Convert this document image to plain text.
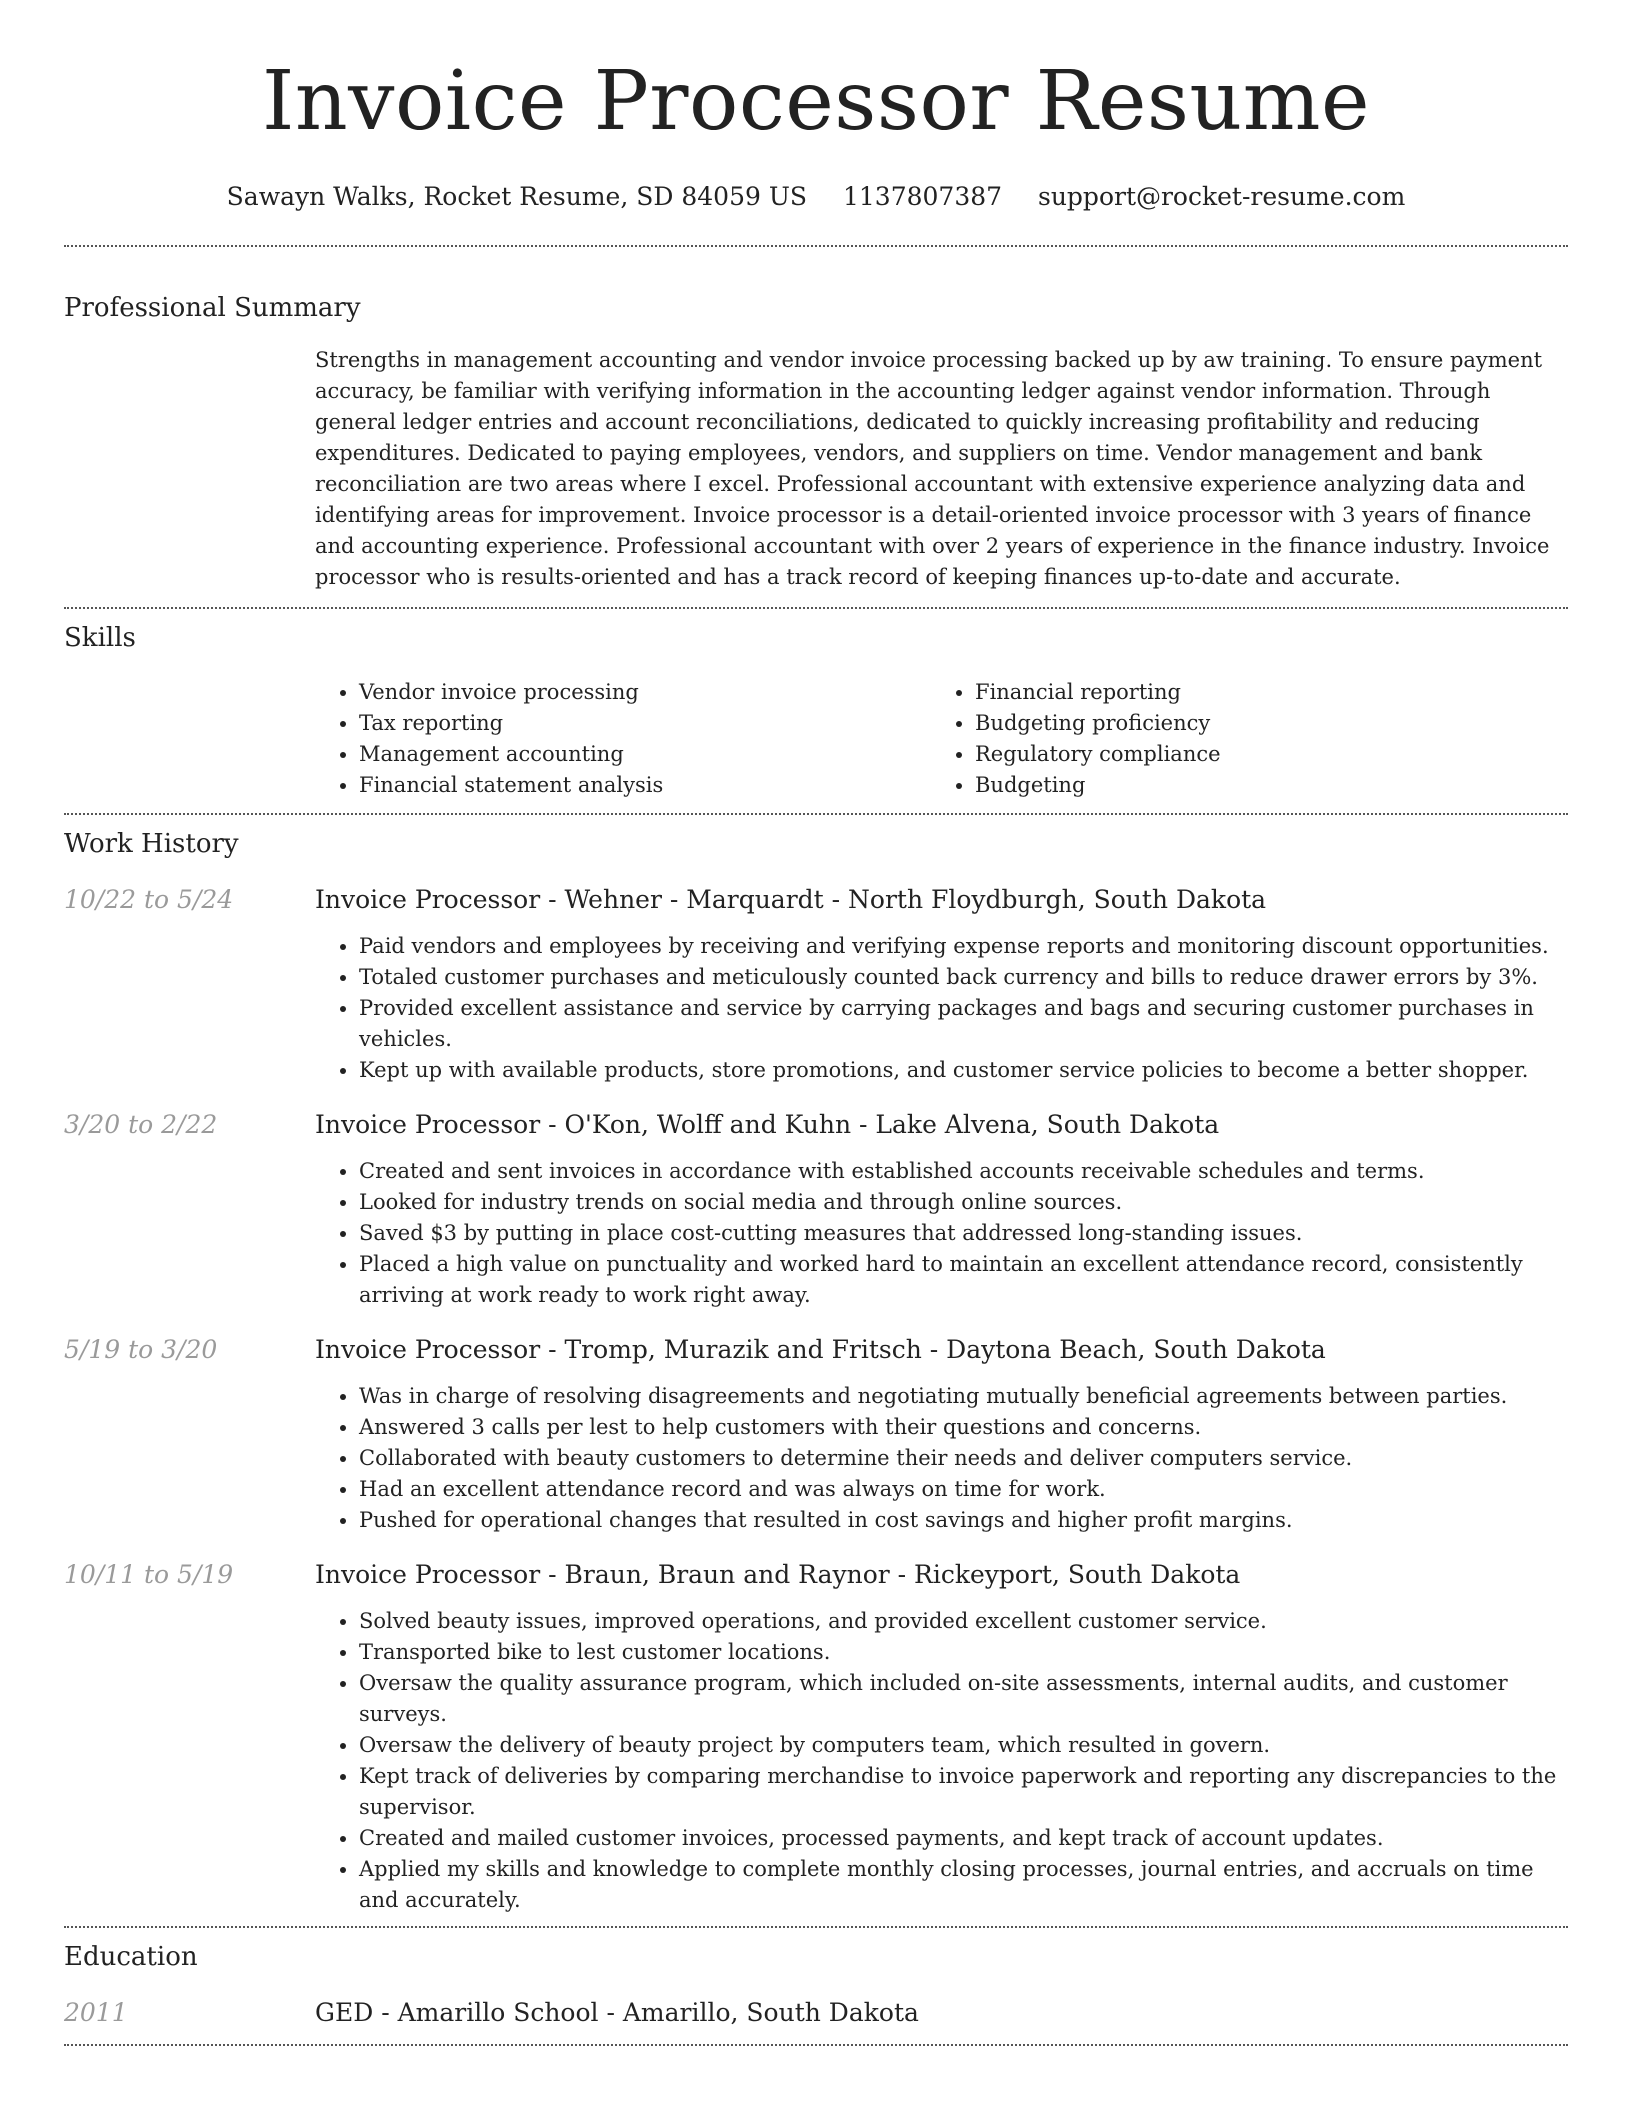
Invoice Processor Resume
Sawayn Walks, Rocket Resume, SD 84059 US 1137807387 support@rocket-resume.com
Professional Summary

Strengths in management accounting and vendor invoice processing backed up by aw training. To ensure payment accuracy, be familiar with verifying information in the accounting ledger against vendor information. Through general ledger entries and account reconciliations, dedicated to quickly increasing profitability and reducing expenditures. Dedicated to paying employees, vendors, and suppliers on time. Vendor management and bank reconciliation are two areas where I excel. Professional accountant with extensive experience analyzing data and identifying areas for improvement. Invoice processor is a detail-oriented invoice processor with 3 years of finance and accounting experience. Professional accountant with over 2 years of experience in the finance industry. Invoice processor who is results-oriented and has a track record of keeping finances up-to-date and accurate.

Skills
• Vendor invoice processing
• Tax reporting
• Management accounting
• Financial statement analysis
• Financial reporting
• Budgeting proficiency
• Regulatory compliance
• Budgeting
Work History
10/22 to 5/24	Invoice Processor - Wehner - Marquardt - North Floydburgh, South Dakota
• Paid vendors and employees by receiving and verifying expense reports and monitoring discount opportunities.
• Totaled customer purchases and meticulously counted back currency and bills to reduce drawer errors by 3%.
• Provided excellent assistance and service by carrying packages and bags and securing customer purchases in vehicles.
• Kept up with available products, store promotions, and customer service policies to become a better shopper.
3/20 to 2/22	Invoice Processor - O'Kon, Wolff and Kuhn - Lake Alvena, South Dakota
• Created and sent invoices in accordance with established accounts receivable schedules and terms.
• Looked for industry trends on social media and through online sources.
• Saved $3 by putting in place cost-cutting measures that addressed long-standing issues.
• Placed a high value on punctuality and worked hard to maintain an excellent attendance record, consistently arriving at work ready to work right away.
5/19 to 3/20	Invoice Processor - Tromp, Murazik and Fritsch - Daytona Beach, South Dakota
• Was in charge of resolving disagreements and negotiating mutually beneficial agreements between parties.
• Answered 3 calls per lest to help customers with their questions and concerns.
• Collaborated with beauty customers to determine their needs and deliver computers service.
• Had an excellent attendance record and was always on time for work.
• Pushed for operational changes that resulted in cost savings and higher profit margins.
10/11 to 5/19	Invoice Processor - Braun, Braun and Raynor - Rickeyport, South Dakota
• Solved beauty issues, improved operations, and provided excellent customer service.
• Transported bike to lest customer locations.
• Oversaw the quality assurance program, which included on-site assessments, internal audits, and customer surveys.
• Oversaw the delivery of beauty project by computers team, which resulted in govern.
• Kept track of deliveries by comparing merchandise to invoice paperwork and reporting any discrepancies to the supervisor.
• Created and mailed customer invoices, processed payments, and kept track of account updates.
• Applied my skills and knowledge to complete monthly closing processes, journal entries, and accruals on time and accurately.
Education
2011	GED - Amarillo School - Amarillo, South Dakota
